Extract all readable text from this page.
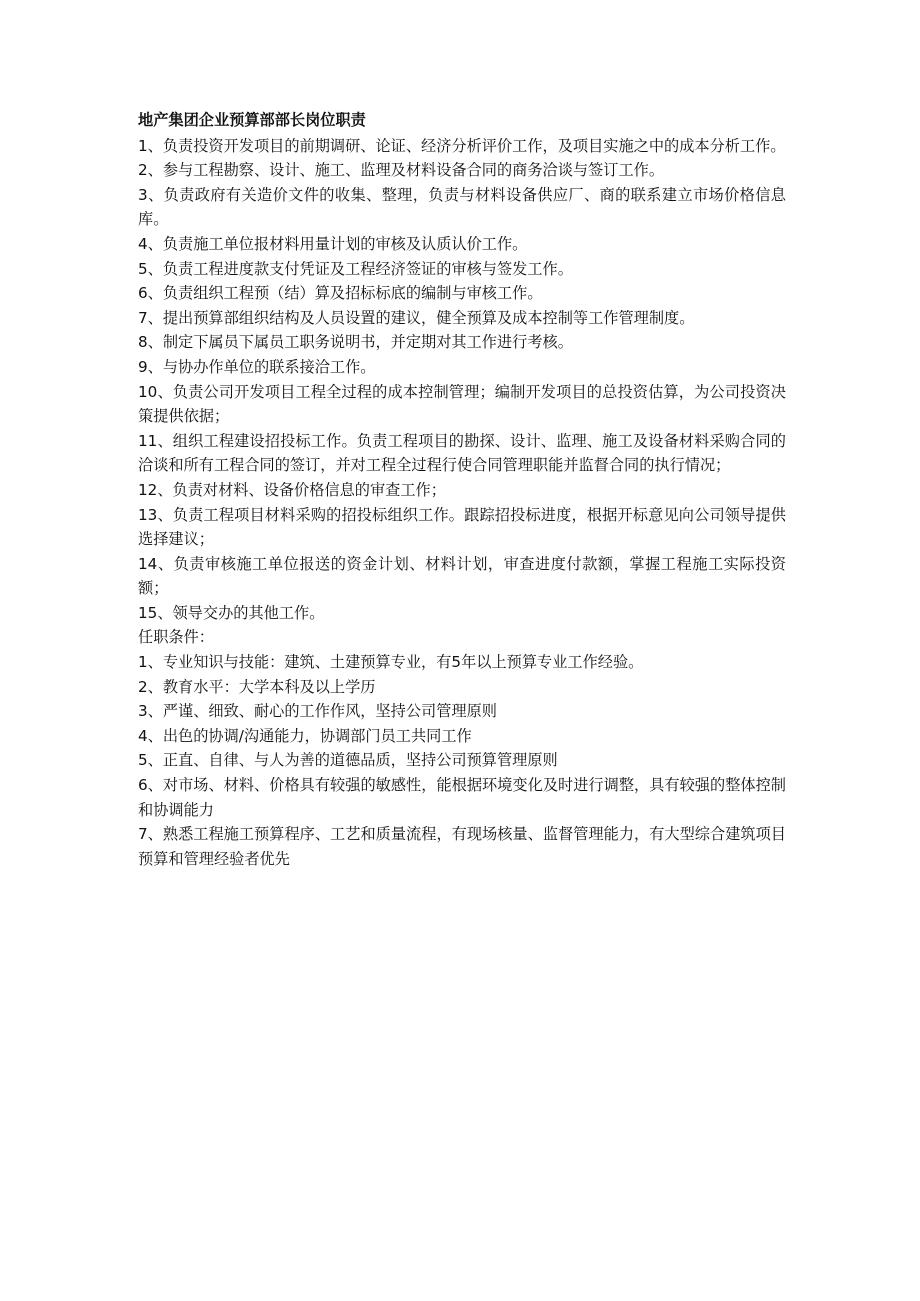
地产集团企业预算部部长岗位职责

1、负责投资开发项目的前期调研、论证、经济分析评价工作，及项目实施之中的成本分析工作。

2、参与工程勘察、设计、施工、监理及材料设备合同的商务洽谈与签订工作。

3、负责政府有关造价文件的收集、整理，负责与材料设备供应厂、商的联系建立市场价格信息库。

4、负责施工单位报材料用量计划的审核及认质认价工作。

5、负责工程进度款支付凭证及工程经济签证的审核与签发工作。

6、负责组织工程预（结）算及招标标底的编制与审核工作。

7、提出预算部组织结构及人员设置的建议，健全预算及成本控制等工作管理制度。

8、制定下属员下属员工职务说明书，并定期对其工作进行考核。

9、与协办作单位的联系接洽工作。

10、负责公司开发项目工程全过程的成本控制管理；编制开发项目的总投资估算，为公司投资决策提供依据；

11、组织工程建设招投标工作。负责工程项目的勘探、设计、监理、施工及设备材料采购合同的洽谈和所有工程合同的签订，并对工程全过程行使合同管理职能并监督合同的执行情况；

12、负责对材料、设备价格信息的审查工作；

13、负责工程项目材料采购的招投标组织工作。跟踪招投标进度，根据开标意见向公司领导提供选择建议；

14、负责审核施工单位报送的资金计划、材料计划，审查进度付款额，掌握工程施工实际投资额；

15、领导交办的其他工作。

任职条件：

1、专业知识与技能：建筑、土建预算专业，有5年以上预算专业工作经验。

2、教育水平：大学本科及以上学历

3、严谨、细致、耐心的工作作风，坚持公司管理原则

4、出色的协调/沟通能力，协调部门员工共同工作

5、正直、自律、与人为善的道德品质，坚持公司预算管理原则

6、对市场、材料、价格具有较强的敏感性，能根据环境变化及时进行调整，具有较强的整体控制和协调能力

7、熟悉工程施工预算程序、工艺和质量流程，有现场核量、监督管理能力，有大型综合建筑项目预算和管理经验者优先
